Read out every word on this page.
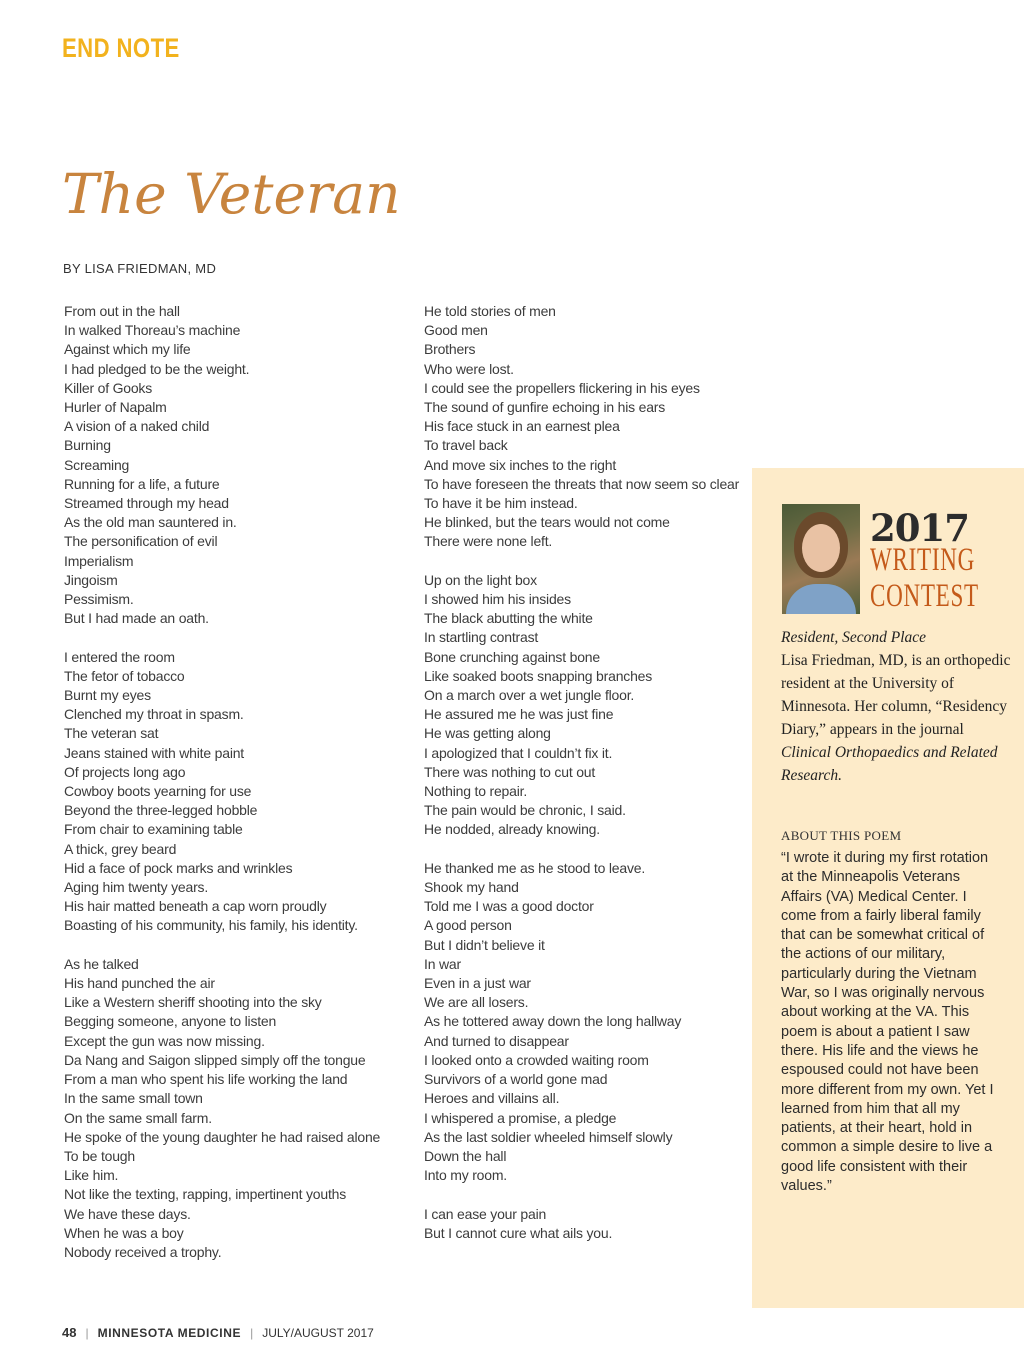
END NOTE
The Veteran
BY LISA FRIEDMAN, MD
From out in the hall
In walked Thoreau’s machine
Against which my life
I had pledged to be the weight.
Killer of Gooks
Hurler of Napalm
A vision of a naked child
Burning
Screaming
Running for a life, a future
Streamed through my head
As the old man sauntered in.
The personification of evil
Imperialism
Jingoism
Pessimism.
But I had made an oath.
I entered the room
The fetor of tobacco
Burnt my eyes
Clenched my throat in spasm.
The veteran sat
Jeans stained with white paint
Of projects long ago
Cowboy boots yearning for use
Beyond the three-legged hobble
From chair to examining table
A thick, grey beard
Hid a face of pock marks and wrinkles
Aging him twenty years.
His hair matted beneath a cap worn proudly
Boasting of his community, his family, his identity.
As he talked
His hand punched the air
Like a Western sheriff shooting into the sky
Begging someone, anyone to listen
Except the gun was now missing.
Da Nang and Saigon slipped simply off the tongue
From a man who spent his life working the land
In the same small town
On the same small farm.
He spoke of the young daughter he had raised alone
To be tough
Like him.
Not like the texting, rapping, impertinent youths
We have these days.
When he was a boy
Nobody received a trophy.
He told stories of men
Good men
Brothers
Who were lost.
I could see the propellers flickering in his eyes
The sound of gunfire echoing in his ears
His face stuck in an earnest plea
To travel back
And move six inches to the right
To have foreseen the threats that now seem so clear
To have it be him instead.
He blinked, but the tears would not come
There were none left.
Up on the light box
I showed him his insides
The black abutting the white
In startling contrast
Bone crunching against bone
Like soaked boots snapping branches
On a march over a wet jungle floor.
He assured me he was just fine
He was getting along
I apologized that I couldn’t fix it.
There was nothing to cut out
Nothing to repair.
The pain would be chronic, I said.
He nodded, already knowing.
He thanked me as he stood to leave.
Shook my hand
Told me I was a good doctor
A good person
But I didn’t believe it
In war
Even in a just war
We are all losers.
As he tottered away down the long hallway
And turned to disappear
I looked onto a crowded waiting room
Survivors of a world gone mad
Heroes and villains all.
I whispered a promise, a pledge
As the last soldier wheeled himself slowly
Down the hall
Into my room.
I can ease your pain
But I cannot cure what ails you.
2017
WRITING
CONTEST
Resident, Second Place
Lisa Friedman, MD, is an orthopedic resident at the University of Minnesota. Her column, “Residency Diary,” appears in the journal Clinical Orthopaedics and Related Research.
ABOUT THIS POEM
“I wrote it during my first rotation at the Minneapolis Veterans Affairs (VA) Medical Center. I come from a fairly liberal family that can be somewhat critical of the actions of our military, particularly during the Vietnam War, so I was originally nervous about working at the VA. This poem is about a patient I saw there. His life and the views he espoused could not have been more different from my own. Yet I learned from him that all my patients, at their heart, hold in common a simple desire to live a good life consistent with their values.”
48 | MINNESOTA MEDICINE | JULY/AUGUST 2017
